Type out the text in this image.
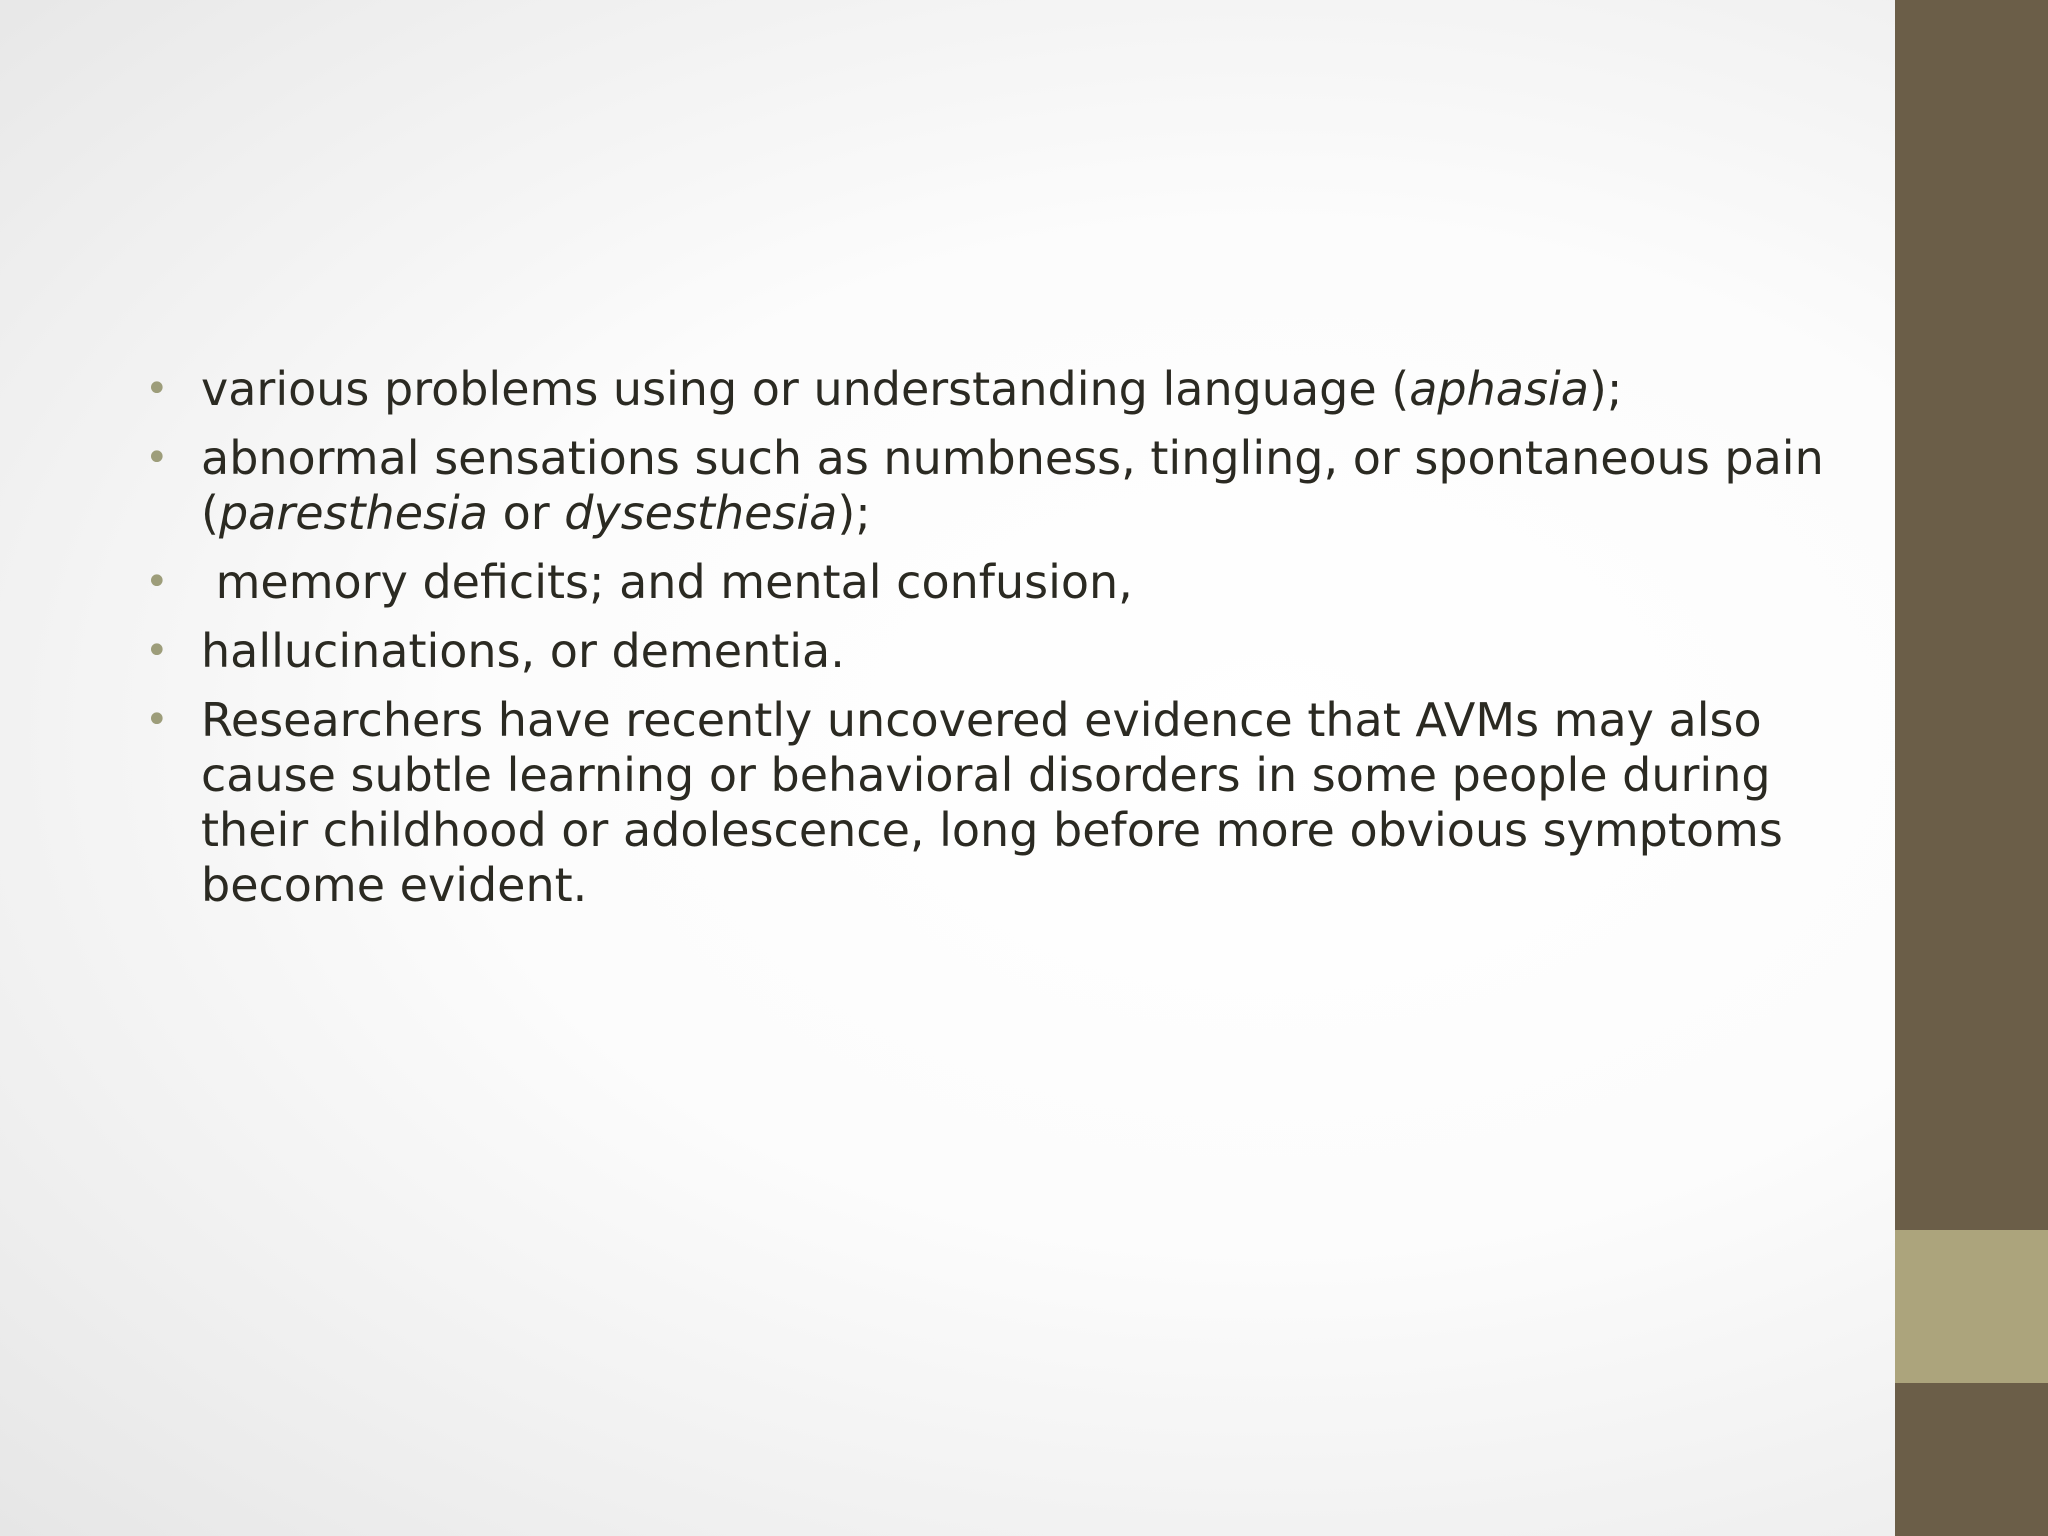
• various problems using or understanding language (aphasia);
• abnormal sensations such as numbness, tingling, or spontaneous pain (paresthesia or dysesthesia);
• memory deficits; and mental confusion,
• hallucinations, or dementia.
• Researchers have recently uncovered evidence that AVMs may also cause subtle learning or behavioral disorders in some people during their childhood or adolescence, long before more obvious symptoms become evident.
